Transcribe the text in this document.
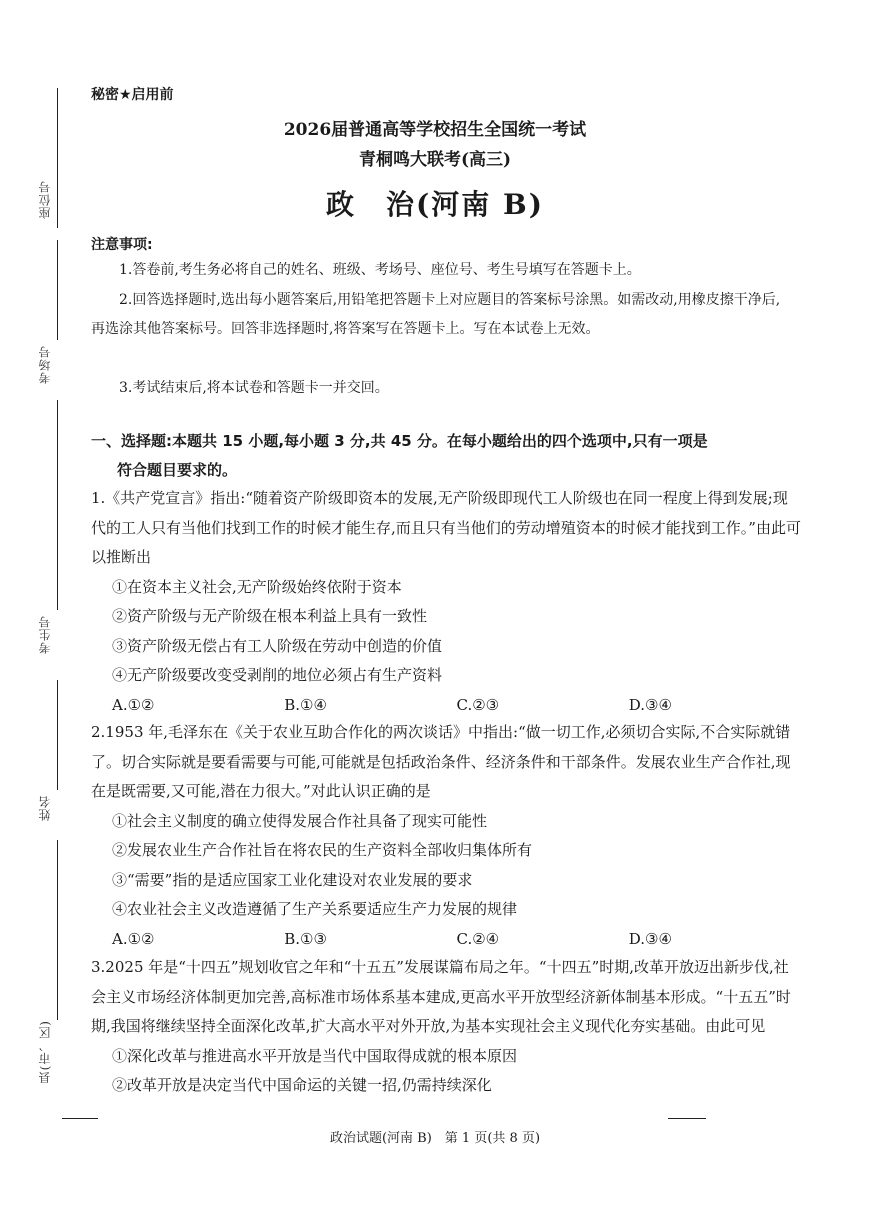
座位号
考场号
考生号
姓名
县(市、区)
秘密★启用前
2026届普通高等学校招生全国统一考试
青桐鸣大联考(高三)
政　治(河南 B)
注意事项:
1.答卷前,考生务必将自己的姓名、班级、考场号、座位号、考生号填写在答题卡上。
2.回答选择题时,选出每小题答案后,用铅笔把答题卡上对应题目的答案标号涂黑。如需改动,用橡皮擦干净后,再选涂其他答案标号。回答非选择题时,将答案写在答题卡上。写在本试卷上无效。
3.考试结束后,将本试卷和答题卡一并交回。
一、选择题:本题共 15 小题,每小题 3 分,共 45 分。在每小题给出的四个选项中,只有一项是
符合题目要求的。
1.《共产党宣言》指出:“随着资产阶级即资本的发展,无产阶级即现代工人阶级也在同一程度上得到发展;现代的工人只有当他们找到工作的时候才能生存,而且只有当他们的劳动增殖资本的时候才能找到工作。”由此可以推断出
①在资本主义社会,无产阶级始终依附于资本
②资产阶级与无产阶级在根本利益上具有一致性
③资产阶级无偿占有工人阶级在劳动中创造的价值
④无产阶级要改变受剥削的地位必须占有生产资料
A.①②	B.①④	C.②③	D.③④
2.1953 年,毛泽东在《关于农业互助合作化的两次谈话》中指出:“做一切工作,必须切合实际,不合实际就错了。切合实际就是要看需要与可能,可能就是包括政治条件、经济条件和干部条件。发展农业生产合作社,现在是既需要,又可能,潜在力很大。”对此认识正确的是
①社会主义制度的确立使得发展合作社具备了现实可能性
②发展农业生产合作社旨在将农民的生产资料全部收归集体所有
③“需要”指的是适应国家工业化建设对农业发展的要求
④农业社会主义改造遵循了生产关系要适应生产力发展的规律
A.①②	B.①③	C.②④	D.③④
3.2025 年是“十四五”规划收官之年和“十五五”发展谋篇布局之年。“十四五”时期,改革开放迈出新步伐,社会主义市场经济体制更加完善,高标准市场体系基本建成,更高水平开放型经济新体制基本形成。“十五五”时期,我国将继续坚持全面深化改革,扩大高水平对外开放,为基本实现社会主义现代化夯实基础。由此可见
①深化改革与推进高水平开放是当代中国取得成就的根本原因
②改革开放是决定当代中国命运的关键一招,仍需持续深化
政治试题(河南 B)　第 1 页(共 8 页)
